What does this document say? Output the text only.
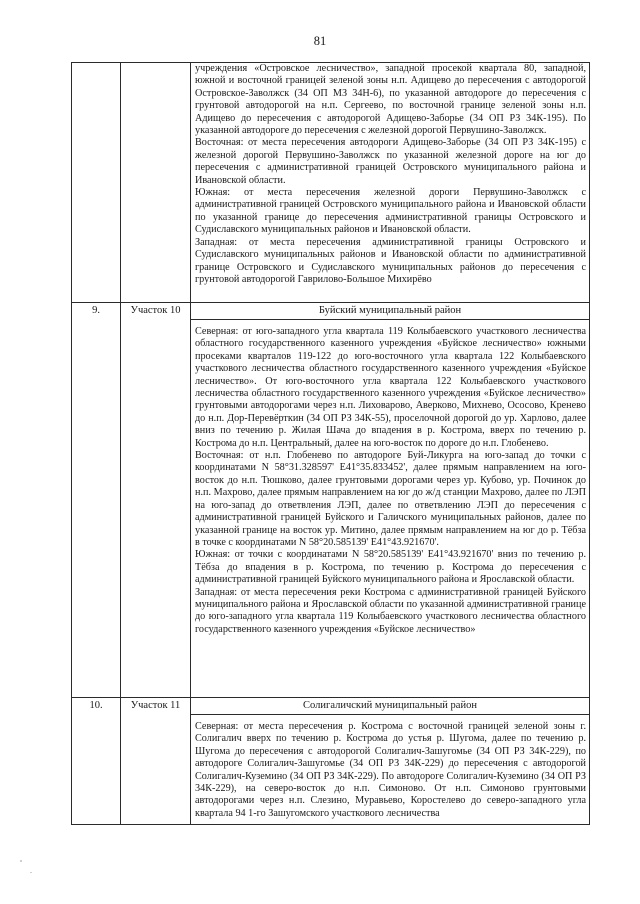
81

		учреждения «Островское лесничество», западной просекой квартала 80, западной, южной и восточной границей зеленой зоны н.п. Адищево до пересечения с автодорогой Островское-Заволжск (34 ОП МЗ 34Н-6), по указанной автодороге до пересечения с грунтовой автодорогой на н.п. Сергеево, по восточной границе зеленой зоны н.п. Адищево до пересечения с автодорогой Адищево-Заборье (34 ОП РЗ 34К-195). По указанной автодороге до пересечения с железной дорогой Первушино-Заволжск.

Восточная: от места пересечения автодороги Адищево-Заборье (34 ОП РЗ 34К-195) с железной дорогой Первушино-Заволжск по указанной железной дороге на юг до пересечения с административной границей Островского муниципального района и Ивановской области.

Южная: от места пересечения железной дороги Первушино-Заволжск с административной границей Островского муниципального района и Ивановской области по указанной границе до пересечения административной границы Островского и Судиславского муниципальных районов и Ивановской области.

Западная: от места пересечения административной границы Островского и Судиславского муниципальных районов и Ивановской области по административной границе Островского и Судиславского муниципальных районов до пересечения с грунтовой автодорогой Гаврилово-Большое Михирёво

9.	Участок 10	Буйский муниципальный район

Северная: от юго-западного угла квартала 119 Колыбаевского участкового лесничества областного государственного казенного учреждения «Буйское лесничество» южными просеками кварталов 119-122 до юго-восточного угла квартала 122 Колыбаевского участкового лесничества областного государственного казенного учреждения «Буйское лесничество». От юго-восточного угла квартала 122 Колыбаевского участкового лесничества областного государственного казенного учреждения «Буйское лесничество» грунтовыми автодорогами через н.п. Лиховарово, Аверково, Михнево, Ососово, Кренево до н.п. Дор-Перевёрткин (34 ОП РЗ 34К-55), проселочной дорогой до ур. Харлово, далее вниз по течению р. Жилая Шача до впадения в р. Кострома, вверх по течению р. Кострома до н.п. Центральный, далее на юго-восток по дороге до н.п. Глобенево.

Восточная: от н.п. Глобенево по автодороге Буй-Ликурга на юго-запад до точки с координатами N 58°31.328597' E41°35.833452', далее прямым направлением на юго-восток до н.п. Тюшково, далее грунтовыми дорогами через ур. Кубово, ур. Починок до н.п. Махрово, далее прямым направлением на юг до ж/д станции Махрово, далее по ЛЭП на юго-запад до ответвления ЛЭП, далее по ответвлению ЛЭП до пересечения с административной границей Буйского и Галичского муниципальных районов, далее по указанной границе на восток ур. Митино, далее прямым направлением на юг до р. Тёбза в точке с координатами N 58°20.585139' E41°43.921670'.

Южная: от точки с координатами N 58°20.585139' E41°43.921670' вниз по течению р. Тёбза до впадения в р. Кострома, по течению р. Кострома до пересечения с административной границей Буйского муниципального района и Ярославской области.

Западная: от места пересечения реки Кострома с административной границей Буйского муниципального района и Ярославской области по указанной административной границе до юго-западного угла квартала 119 Колыбаевского участкового лесничества областного государственного казенного учреждения «Буйское лесничество»

10.	Участок 11	Солигаличский муниципальный район

Северная: от места пересечения р. Кострома с восточной границей зеленой зоны г. Солигалич вверх по течению р. Кострома до устья р. Шугома, далее по течению р. Шугома до пересечения с автодорогой Солигалич-Зашугомье (34 ОП РЗ 34К-229), по автодороге Солигалич-Зашугомье (34 ОП РЗ 34К-229) до пересечения с автодорогой Солигалич-Куземино (34 ОП РЗ 34К-229). По автодороге Солигалич-Куземино (34 ОП РЗ 34К-229), на северо-восток до н.п. Симоново. От н.п. Симоново грунтовыми автодорогами через н.п. Слезино, Муравьево, Коростелево до северо-западного угла квартала 94 1-го Зашугомского участкового лесничества
